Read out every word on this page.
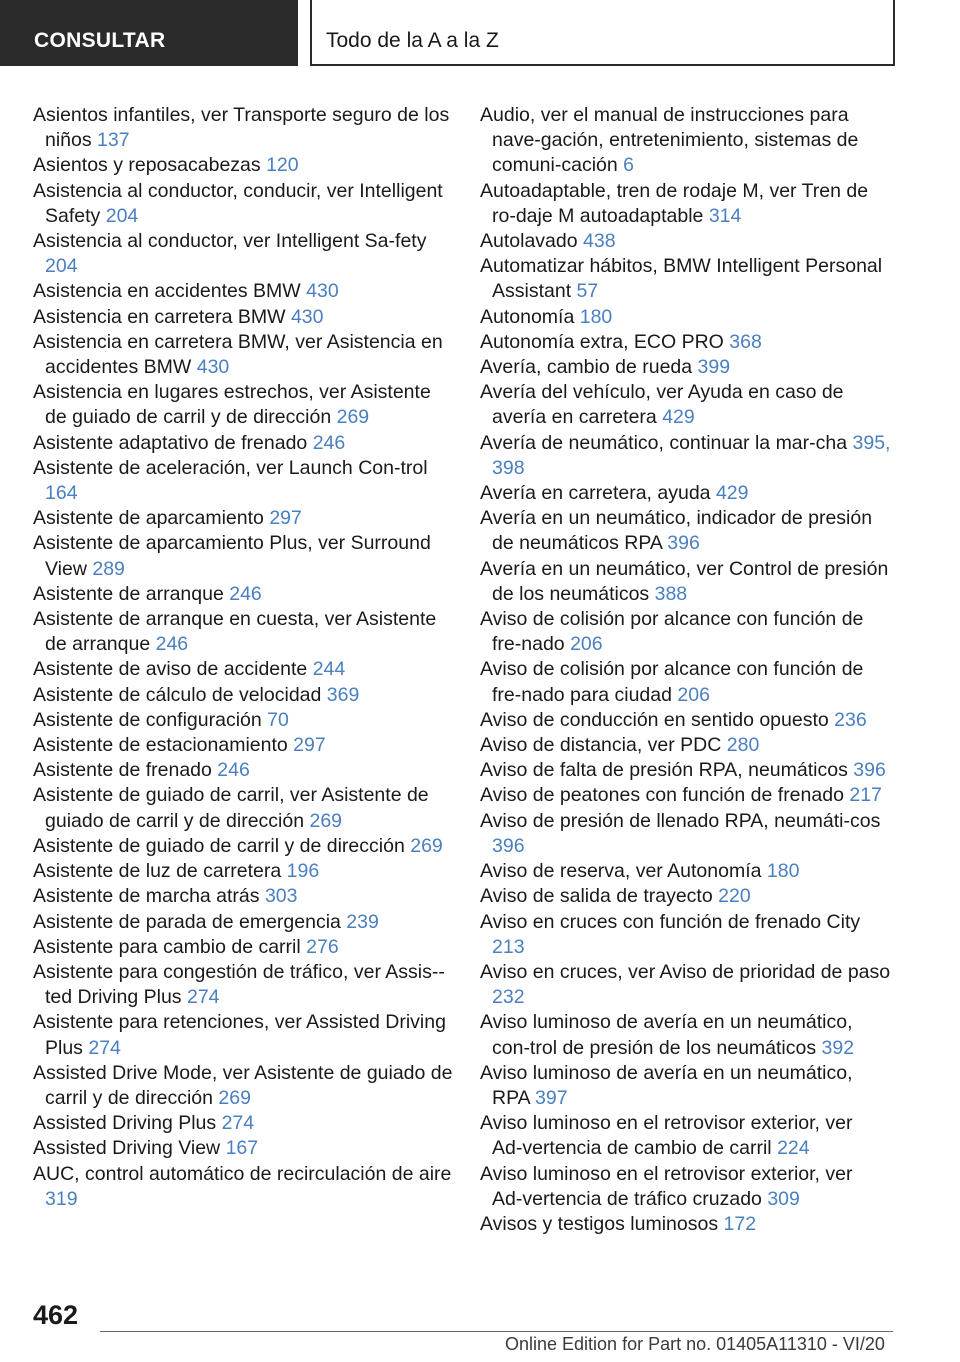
CONSULTAR	Todo de la A a la Z

Asientos infantiles, ver Transporte seguro de los niños 137

Asientos y reposacabezas 120

Asistencia al conductor, conducir, ver Intelligent Safety 204

Asistencia al conductor, ver Intelligent Sa-fety 204

Asistencia en accidentes BMW 430

Asistencia en carretera BMW 430

Asistencia en carretera BMW, ver Asistencia en accidentes BMW 430

Asistencia en lugares estrechos, ver Asistente de guiado de carril y de dirección 269

Asistente adaptativo de frenado 246

Asistente de aceleración, ver Launch Con-trol 164

Asistente de aparcamiento 297

Asistente de aparcamiento Plus, ver Surround View 289

Asistente de arranque 246

Asistente de arranque en cuesta, ver Asistente de arranque 246

Asistente de aviso de accidente 244

Asistente de cálculo de velocidad 369

Asistente de configuración 70

Asistente de estacionamiento 297

Asistente de frenado 246

Asistente de guiado de carril, ver Asistente de guiado de carril y de dirección 269

Asistente de guiado de carril y de dirección 269

Asistente de luz de carretera 196

Asistente de marcha atrás 303

Asistente de parada de emergencia 239

Asistente para cambio de carril 276

Asistente para congestión de tráfico, ver Assis-ted Driving Plus 274

Asistente para retenciones, ver Assisted Driving Plus 274

Assisted Drive Mode, ver Asistente de guiado de carril y de dirección 269

Assisted Driving Plus 274

Assisted Driving View 167

AUC, control automático de recirculación de aire 319

Audio, ver el manual de instrucciones para nave-gación, entretenimiento, sistemas de comuni-cación 6

Autoadaptable, tren de rodaje M, ver Tren de ro-daje M autoadaptable 314

Autolavado 438

Automatizar hábitos, BMW Intelligent Personal Assistant 57

Autonomía 180

Autonomía extra, ECO PRO 368

Avería, cambio de rueda 399

Avería del vehículo, ver Ayuda en caso de avería en carretera 429

Avería de neumático, continuar la mar-cha 395, 398

Avería en carretera, ayuda 429

Avería en un neumático, indicador de presión de neumáticos RPA 396

Avería en un neumático, ver Control de presión de los neumáticos 388

Aviso de colisión por alcance con función de fre-nado 206

Aviso de colisión por alcance con función de fre-nado para ciudad 206

Aviso de conducción en sentido opuesto 236

Aviso de distancia, ver PDC 280

Aviso de falta de presión RPA, neumáticos 396

Aviso de peatones con función de frenado 217

Aviso de presión de llenado RPA, neumáti-cos 396

Aviso de reserva, ver Autonomía 180

Aviso de salida de trayecto 220

Aviso en cruces con función de frenado City 213

Aviso en cruces, ver Aviso de prioridad de paso 232

Aviso luminoso de avería en un neumático, con-trol de presión de los neumáticos 392

Aviso luminoso de avería en un neumático, RPA 397

Aviso luminoso en el retrovisor exterior, ver Ad-vertencia de cambio de carril 224

Aviso luminoso en el retrovisor exterior, ver Ad-vertencia de tráfico cruzado 309

Avisos y testigos luminosos 172

462
Online Edition for Part no. 01405A11310 - VI/20
